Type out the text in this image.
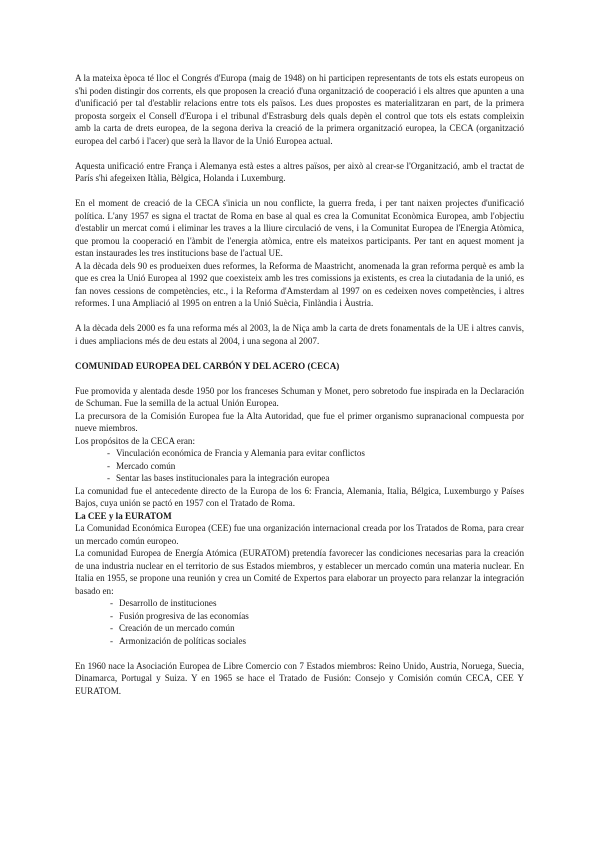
A la mateixa època té lloc el Congrés d'Europa (maig de 1948) on hi participen representants de tots els estats europeus on s'hi poden distingir dos corrents, els que proposen la creació d'una organització de cooperació i els altres que apunten a una d'unificació per tal d'establir relacions entre tots els països. Les dues propostes es materialitzaran en part, de la primera proposta sorgeix el Consell d'Europa i el tribunal d'Estrasburg dels quals depèn el control que tots els estats compleixin amb la carta de drets europea, de la segona deriva la creació de la primera organització europea, la CECA (organització europea del carbó i l'acer) que serà la llavor de la Unió Europea actual.

Aquesta unificació entre França i Alemanya està estes a altres països, per això al crear-se l'Organització, amb el tractat de París s'hi afegeixen Itàlia, Bèlgica, Holanda i Luxemburg.

En el moment de creació de la CECA s'inicia un nou conflicte, la guerra freda, i per tant naixen projectes d'unificació política. L'any 1957 es signa el tractat de Roma en base al qual es crea la Comunitat Econòmica Europea, amb l'objectiu d'establir un mercat comú i eliminar les traves a la lliure circulació de vens, i la Comunitat Europea de l'Energia Atòmica, que promou la cooperació en l'àmbit de l'energia atòmica, entre els mateixos participants. Per tant en aquest moment ja estan instaurades les tres institucions base de l'actual UE.

A la dècada dels 90 es produeixen dues reformes, la Reforma de Maastricht, anomenada la gran reforma perquè es amb la que es crea la Unió Europea al 1992 que coexisteix amb les tres comissions ja existents, es crea la ciutadania de la unió, es fan noves cessions de competències, etc., i la Reforma d'Amsterdam al 1997 on es cedeixen noves competències, i altres reformes. I una Ampliació al 1995 on entren a la Unió Suècia, Finlàndia i Àustria.

A la dècada dels 2000 es fa una reforma més al 2003, la de Niça amb la carta de drets fonamentals de la UE i altres canvis, i dues ampliacions més de deu estats al 2004, i una segona al 2007.

COMUNIDAD EUROPEA DEL CARBÓN Y DEL ACERO (CECA)

Fue promovida y alentada desde 1950 por los franceses Schuman y Monet, pero sobretodo fue inspirada en la Declaración de Schuman. Fue la semilla de la actual Unión Europea.

La precursora de la Comisión Europea fue la Alta Autoridad, que fue el primer organismo supranacional compuesta por nueve miembros.

Los propósitos de la CECA eran:

- Vinculación económica de Francia y Alemania para evitar conflictos
- Mercado común
- Sentar las bases institucionales para la integración europea

La comunidad fue el antecedente directo de la Europa de los 6: Francia, Alemania, Italia, Bélgica, Luxemburgo y Países Bajos, cuya unión se pactó en 1957 con el Tratado de Roma.

La CEE y la EURATOM

La Comunidad Económica Europea (CEE) fue una organización internacional creada por los Tratados de Roma, para crear un mercado común europeo.

La comunidad Europea de Energía Atómica (EURATOM) pretendía favorecer las condiciones necesarias para la creación de una industria nuclear en el territorio de sus Estados miembros, y establecer un mercado común una materia nuclear. En Italia en 1955, se propone una reunión y crea un Comité de Expertos para elaborar un proyecto para relanzar la integración basado en:

- Desarrollo de instituciones
- Fusión progresiva de las economías
- Creación de un mercado común
- Armonización de políticas sociales

En 1960 nace la Asociación Europea de Libre Comercio con 7 Estados miembros: Reino Unido, Austria, Noruega, Suecia, Dinamarca, Portugal y Suiza. Y en 1965 se hace el Tratado de Fusión: Consejo y Comisión común CECA, CEE Y EURATOM.
